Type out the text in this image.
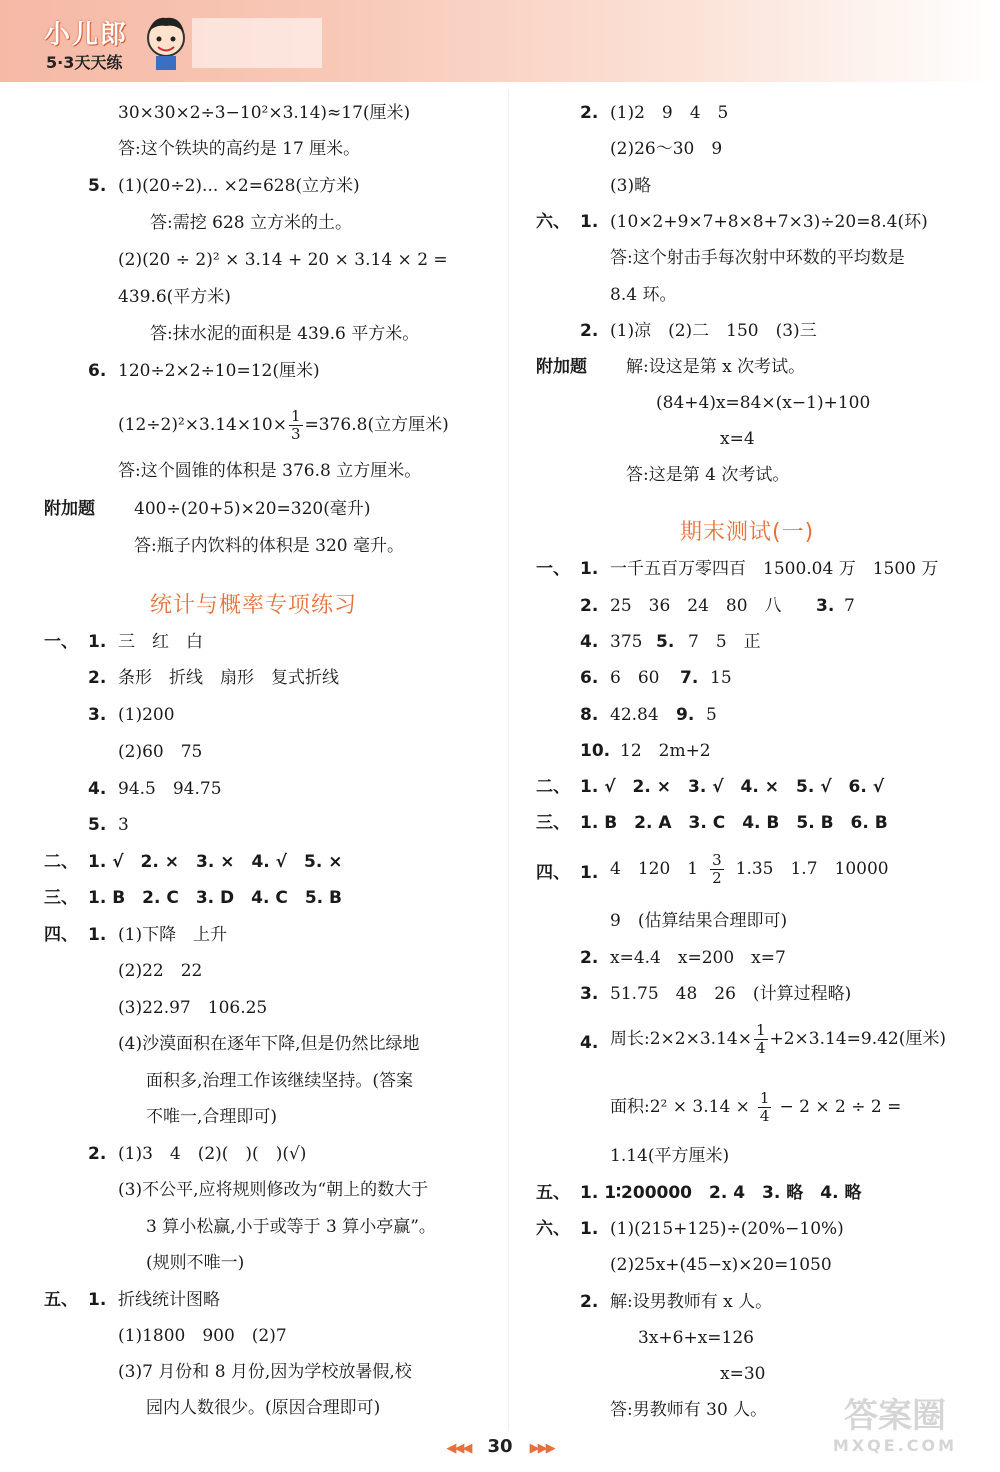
小儿郎
5·3天天练
30×30×2÷3−10²×3.14)≈17(厘米)
答:这个铁块的高约是 17 厘米。
5. (1)(20÷2)... ×2=628(立方米)
答:需挖 628 立方米的土。
(2)(20 ÷ 2)² × 3.14 + 20 × 3.14 × 2 =
439.6(平方米)
答:抹水泥的面积是 439.6 平方米。
6. 120÷2×2÷10=12(厘米)
$(12\div 2)^2\times 3.14\times 10\times \frac{1}{3} =376.8$(立方厘米)
答:这个圆锥的体积是 376.8 立方厘米。
附加题 400÷(20+5)×20=320(毫升)
答:瓶子内饮料的体积是 320 毫升。
统计与概率专项练习
一、 1. 三　红　白
2. 条形　折线　扇形　复式折线
3. (1)200
(2)60　75
4. 94.5　94.75
5. 3
二、 1. √　2. ×　3. ×　4. √　5. ×
三、 1. B　2. C　3. D　4. C　5. B
四、 1. (1)下降　上升
(2)22　22
(3)22.97　106.25
(4)沙漠面积在逐年下降,但是仍然比绿地
面积多,治理工作该继续坚持。(答案
不唯一,合理即可)
2. (1)3　4　(2)(　)(　)(√)
(3)不公平,应将规则修改为“朝上的数大于
3 算小松赢,小于或等于 3 算小亭赢”。
(规则不唯一)
五、 1. 折线统计图略
(1)1800　900　(2)7
(3)7 月份和 8 月份,因为学校放暑假,校
园内人数很少。(原因合理即可)
2. (1)2　9　4　5
(2)26～30　9
(3)略
六、 1. (10×2+9×7+8×8+7×3)÷20=8.4(环)
答:这个射击手每次射中环数的平均数是
8.4 环。
2. (1)凉　(2)二　150　(3)三
附加题 解:设这是第 x 次考试。
(84+4)x=84×(x−1)+100
x=4
答:这是第 4 次考试。
期末测试(一)
一、 1. 一千五百万零四百　1500.04 万　1500 万
2. 25　36　24　80　八 3. 7
4. 375 5. 7　5　正
6. 6　60 7. 15
8. 42.84 9. 5
10. 12　2m+2
二、 1. √　2. ×　3. √　4. ×　5. √　6. √
三、 1. B　2. A　3. C　4. B　5. B　6. B
四、 1. 4　120　$1 \frac{3}{2} 1.35$　1.7　10000
9　(估算结果合理即可)
2. x=4.4　x=200　x=7
3. 51.75　48　26　(计算过程略)
4. 周长:2×2×3.14× $\frac{1}{4} +2\times 3.14=9.42$(厘米)
面积:2² × $3.14 \times \frac{1}{4} - 2 \times 2 \div 2$ =
1.14(平方厘米)
五、 1. 1∶200000　2. 4　3. 略　4. 略
六、 1. (1)(215+125)÷(20%−10%)
(2)25x+(45−x)×20=1050
2. 解:设男教师有 x 人。
3x+6+x=126
x=30
答:男教师有 30 人。
◀◀◀ 30 ▶▶▶
答案圈
MXQE.COM
